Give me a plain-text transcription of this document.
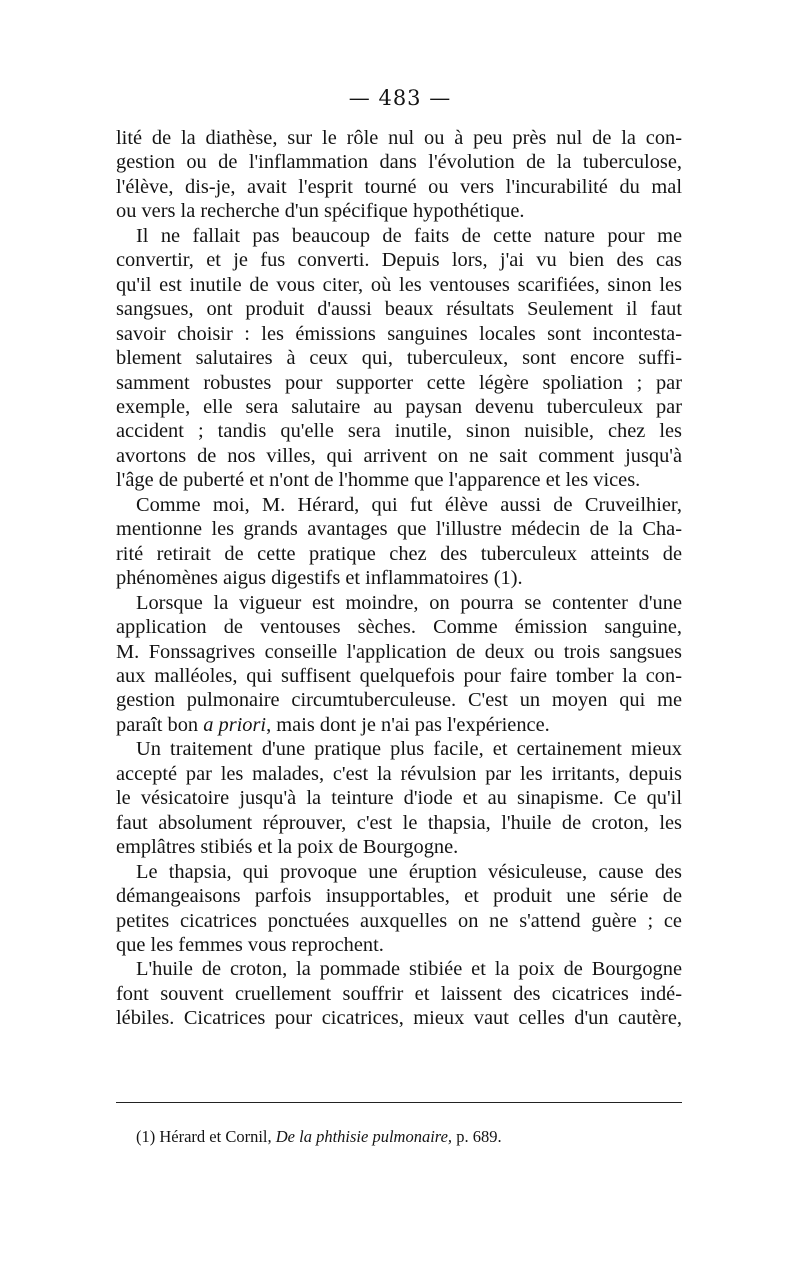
— 483 —

lité de la diathèse, sur le rôle nul ou à peu près nul de la con-
gestion ou de l'inflammation dans l'évolution de la tuberculose,
l'élève, dis-je, avait l'esprit tourné ou vers l'incurabilité du mal
ou vers la recherche d'un spécifique hypothétique.

Il ne fallait pas beaucoup de faits de cette nature pour me
convertir, et je fus converti. Depuis lors, j'ai vu bien des cas
qu'il est inutile de vous citer, où les ventouses scarifiées, sinon les
sangsues, ont produit d'aussi beaux résultats Seulement il faut
savoir choisir : les émissions sanguines locales sont incontesta-
blement salutaires à ceux qui, tuberculeux, sont encore suffi-
samment robustes pour supporter cette légère spoliation ; par
exemple, elle sera salutaire au paysan devenu tuberculeux par
accident ; tandis qu'elle sera inutile, sinon nuisible, chez les
avortons de nos villes, qui arrivent on ne sait comment jusqu'à
l'âge de puberté et n'ont de l'homme que l'apparence et les vices.

Comme moi, M. Hérard, qui fut élève aussi de Cruveilhier,
mentionne les grands avantages que l'illustre médecin de la Cha-
rité retirait de cette pratique chez des tuberculeux atteints de
phénomènes aigus digestifs et inflammatoires (1).

Lorsque la vigueur est moindre, on pourra se contenter d'une
application de ventouses sèches. Comme émission sanguine,
M. Fonssagrives conseille l'application de deux ou trois sangsues
aux malléoles, qui suffisent quelquefois pour faire tomber la con-
gestion pulmonaire circumtuberculeuse. C'est un moyen qui me
paraît bon a priori, mais dont je n'ai pas l'expérience.

Un traitement d'une pratique plus facile, et certainement mieux
accepté par les malades, c'est la révulsion par les irritants, depuis
le vésicatoire jusqu'à la teinture d'iode et au sinapisme. Ce qu'il
faut absolument réprouver, c'est le thapsia, l'huile de croton, les
emplâtres stibiés et la poix de Bourgogne.

Le thapsia, qui provoque une éruption vésiculeuse, cause des
démangeaisons parfois insupportables, et produit une série de
petites cicatrices ponctuées auxquelles on ne s'attend guère ; ce
que les femmes vous reprochent.

L'huile de croton, la pommade stibiée et la poix de Bourgogne
font souvent cruellement souffrir et laissent des cicatrices indé-
lébiles. Cicatrices pour cicatrices, mieux vaut celles d'un cautère,

(1) Hérard et Cornil, De la phthisie pulmonaire, p. 689.
